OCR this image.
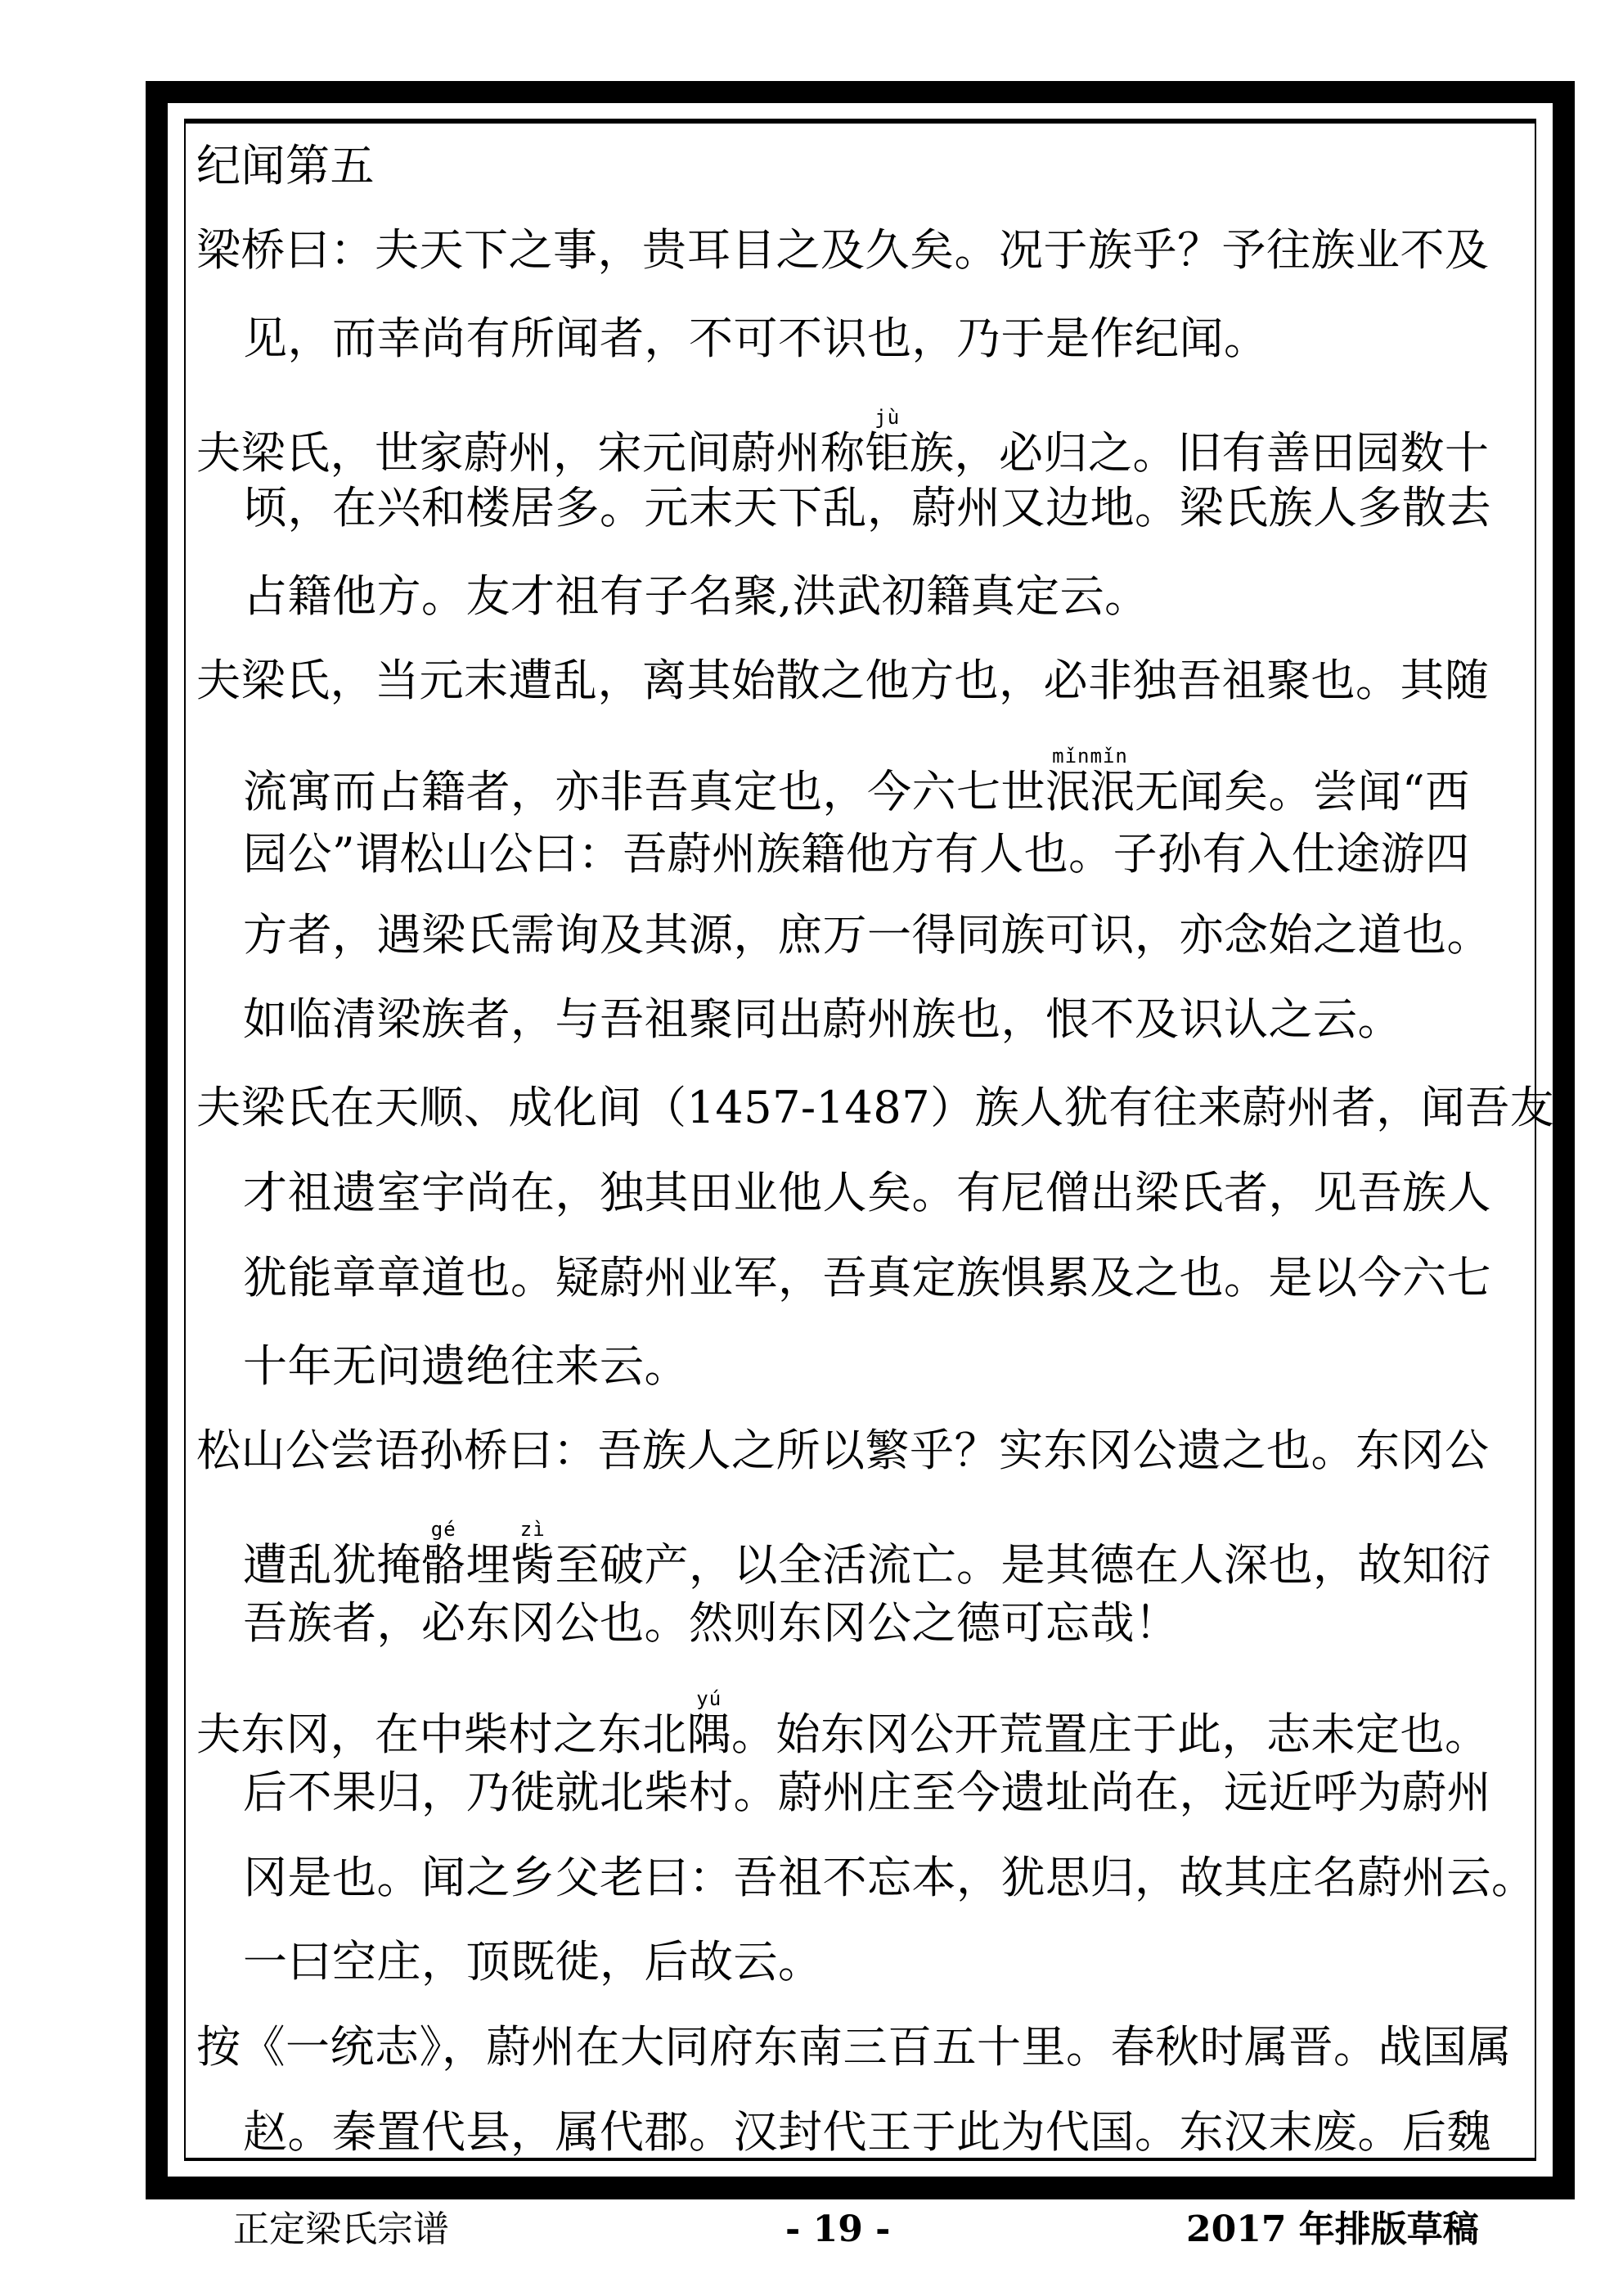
纪闻第五
梁桥曰：夫天下之事，贵耳目之及久矣。况于族乎？予往族业不及
见，而幸尚有所闻者，不可不识也，乃于是作纪闻。
夫梁氏，世家蔚州，宋元间蔚州称钜jù族，必归之。旧有善田园数十
顷，在兴和楼居多。元末天下乱，蔚州又边地。梁氏族人多散去
占籍他方。友才祖有子名聚,洪武初籍真定云。
夫梁氏，当元末遭乱，离其始散之他方也，必非独吾祖聚也。其随
流寓而占籍者，亦非吾真定也，今六七世泯泯mǐnmǐn无闻矣。尝闻“西
园公”谓松山公曰：吾蔚州族籍他方有人也。子孙有入仕途游四
方者，遇梁氏需询及其源，庶万一得同族可识，亦念始之道也。
如临清梁族者，与吾祖聚同出蔚州族也，恨不及识认之云。
夫梁氏在天顺、成化间（1457-1487）族人犹有往来蔚州者，闻吾友
才祖遗室宇尚在，独其田业他人矣。有尼僧出梁氏者，见吾族人
犹能章章道也。疑蔚州业军，吾真定族惧累及之也。是以今六七
十年无问遗绝往来云。
松山公尝语孙桥曰：吾族人之所以繁乎？实东冈公遗之也。东冈公
遭乱犹掩骼gé埋胔zì至破产，以全活流亡。是其德在人深也，故知衍
吾族者，必东冈公也。然则东冈公之德可忘哉！
夫东冈，在中柴村之东北隅yú。始东冈公开荒置庄于此，志未定也。
后不果归，乃徙就北柴村。蔚州庄至今遗址尚在，远近呼为蔚州
冈是也。闻之乡父老曰：吾祖不忘本，犹思归，故其庄名蔚州云。
一曰空庄，顶既徙，后故云。
按《一统志》，蔚州在大同府东南三百五十里。春秋时属晋。战国属
赵。秦置代县，属代郡。汉封代王于此为代国。东汉末废。后魏
正定梁氏宗谱	- 19 -	2017 年排版草稿
